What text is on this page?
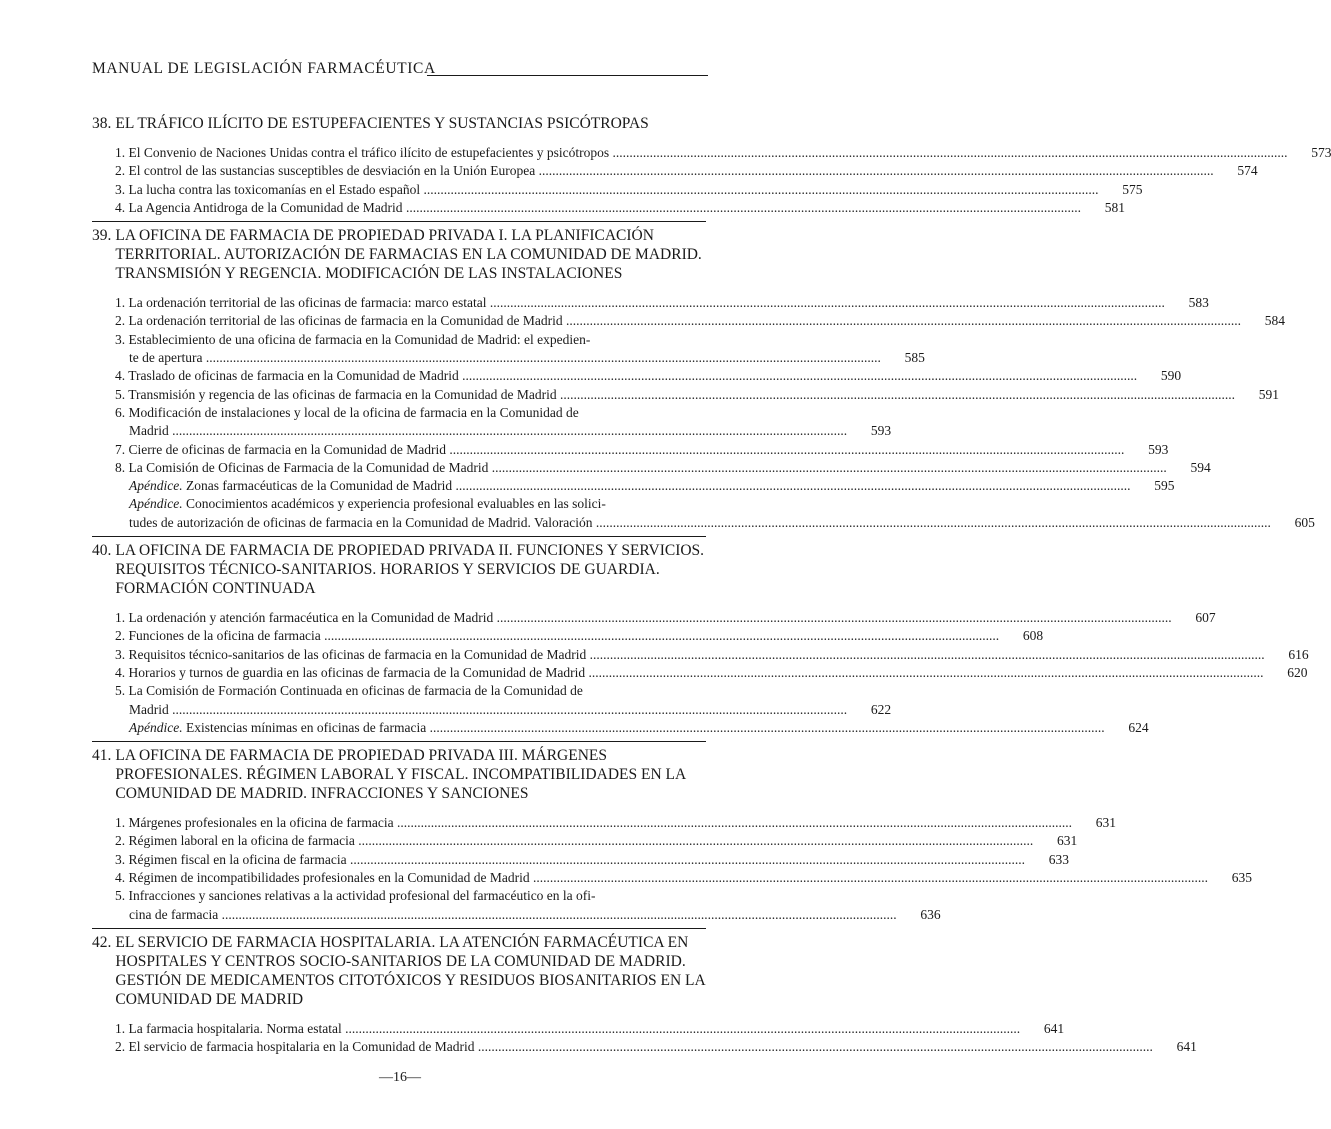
MANUAL DE LEGISLACIÓN FARMACÉUTICA
38. EL TRÁFICO ILÍCITO DE ESTUPEFACIENTES Y SUSTANCIAS PSICÓTROPAS
1. El Convenio de Naciones Unidas contra el tráfico ilícito de estupefacientes y psicótropos ........................................................................................................................................................................................................	573
2. El control de las sustancias susceptibles de desviación en la Unión Europea ........................................................................................................................................................................................................	574
3. La lucha contra las toxicomanías en el Estado español ........................................................................................................................................................................................................	575
4. La Agencia Antidroga de la Comunidad de Madrid ........................................................................................................................................................................................................	581
39. LA OFICINA DE FARMACIA DE PROPIEDAD PRIVADA I. LA PLANIFICACIÓN TERRITORIAL. AUTORIZACIÓN DE FARMACIAS EN LA COMUNIDAD DE MADRID. TRANSMISIÓN Y REGENCIA. MODIFICACIÓN DE LAS INSTALACIONES
1. La ordenación territorial de las oficinas de farmacia: marco estatal ........................................................................................................................................................................................................	583
2. La ordenación territorial de las oficinas de farmacia en la Comunidad de Madrid ........................................................................................................................................................................................................	584
3. Establecimiento de una oficina de farmacia en la Comunidad de Madrid: el expedien-
te de apertura ........................................................................................................................................................................................................	585
4. Traslado de oficinas de farmacia en la Comunidad de Madrid ........................................................................................................................................................................................................	590
5. Transmisión y regencia de las oficinas de farmacia en la Comunidad de Madrid ........................................................................................................................................................................................................	591
6. Modificación de instalaciones y local de la oficina de farmacia en la Comunidad de
Madrid ........................................................................................................................................................................................................	593
7. Cierre de oficinas de farmacia en la Comunidad de Madrid ........................................................................................................................................................................................................	593
8. La Comisión de Oficinas de Farmacia de la Comunidad de Madrid ........................................................................................................................................................................................................	594
Apéndice. Zonas farmacéuticas de la Comunidad de Madrid ........................................................................................................................................................................................................	595
Apéndice. Conocimientos académicos y experiencia profesional evaluables en las solici-
tudes de autorización de oficinas de farmacia en la Comunidad de Madrid. Valoración ........................................................................................................................................................................................................	605
40. LA OFICINA DE FARMACIA DE PROPIEDAD PRIVADA II. FUNCIONES Y SERVICIOS. REQUISITOS TÉCNICO-SANITARIOS. HORARIOS Y SERVICIOS DE GUARDIA. FORMACIÓN CONTINUADA
1. La ordenación y atención farmacéutica en la Comunidad de Madrid ........................................................................................................................................................................................................	607
2. Funciones de la oficina de farmacia ........................................................................................................................................................................................................	608
3. Requisitos técnico-sanitarios de las oficinas de farmacia en la Comunidad de Madrid ........................................................................................................................................................................................................	616
4. Horarios y turnos de guardia en las oficinas de farmacia de la Comunidad de Madrid ........................................................................................................................................................................................................	620
5. La Comisión de Formación Continuada en oficinas de farmacia de la Comunidad de
Madrid ........................................................................................................................................................................................................	622
Apéndice. Existencias mínimas en oficinas de farmacia ........................................................................................................................................................................................................	624
41. LA OFICINA DE FARMACIA DE PROPIEDAD PRIVADA III. MÁRGENES PROFESIONALES. RÉGIMEN LABORAL Y FISCAL. INCOMPATIBILIDADES EN LA COMUNIDAD DE MADRID. INFRACCIONES Y SANCIONES
1. Márgenes profesionales en la oficina de farmacia ........................................................................................................................................................................................................	631
2. Régimen laboral en la oficina de farmacia ........................................................................................................................................................................................................	631
3. Régimen fiscal en la oficina de farmacia ........................................................................................................................................................................................................	633
4. Régimen de incompatibilidades profesionales en la Comunidad de Madrid ........................................................................................................................................................................................................	635
5. Infracciones y sanciones relativas a la actividad profesional del farmacéutico en la ofi-
cina de farmacia ........................................................................................................................................................................................................	636
42. EL SERVICIO DE FARMACIA HOSPITALARIA. LA ATENCIÓN FARMACÉUTICA EN HOSPITALES Y CENTROS SOCIO-SANITARIOS DE LA COMUNIDAD DE MADRID. GESTIÓN DE MEDICAMENTOS CITOTÓXICOS Y RESIDUOS BIOSANITARIOS EN LA COMUNIDAD DE MADRID
1. La farmacia hospitalaria. Norma estatal ........................................................................................................................................................................................................	641
2. El servicio de farmacia hospitalaria en la Comunidad de Madrid ........................................................................................................................................................................................................	641
—16—
